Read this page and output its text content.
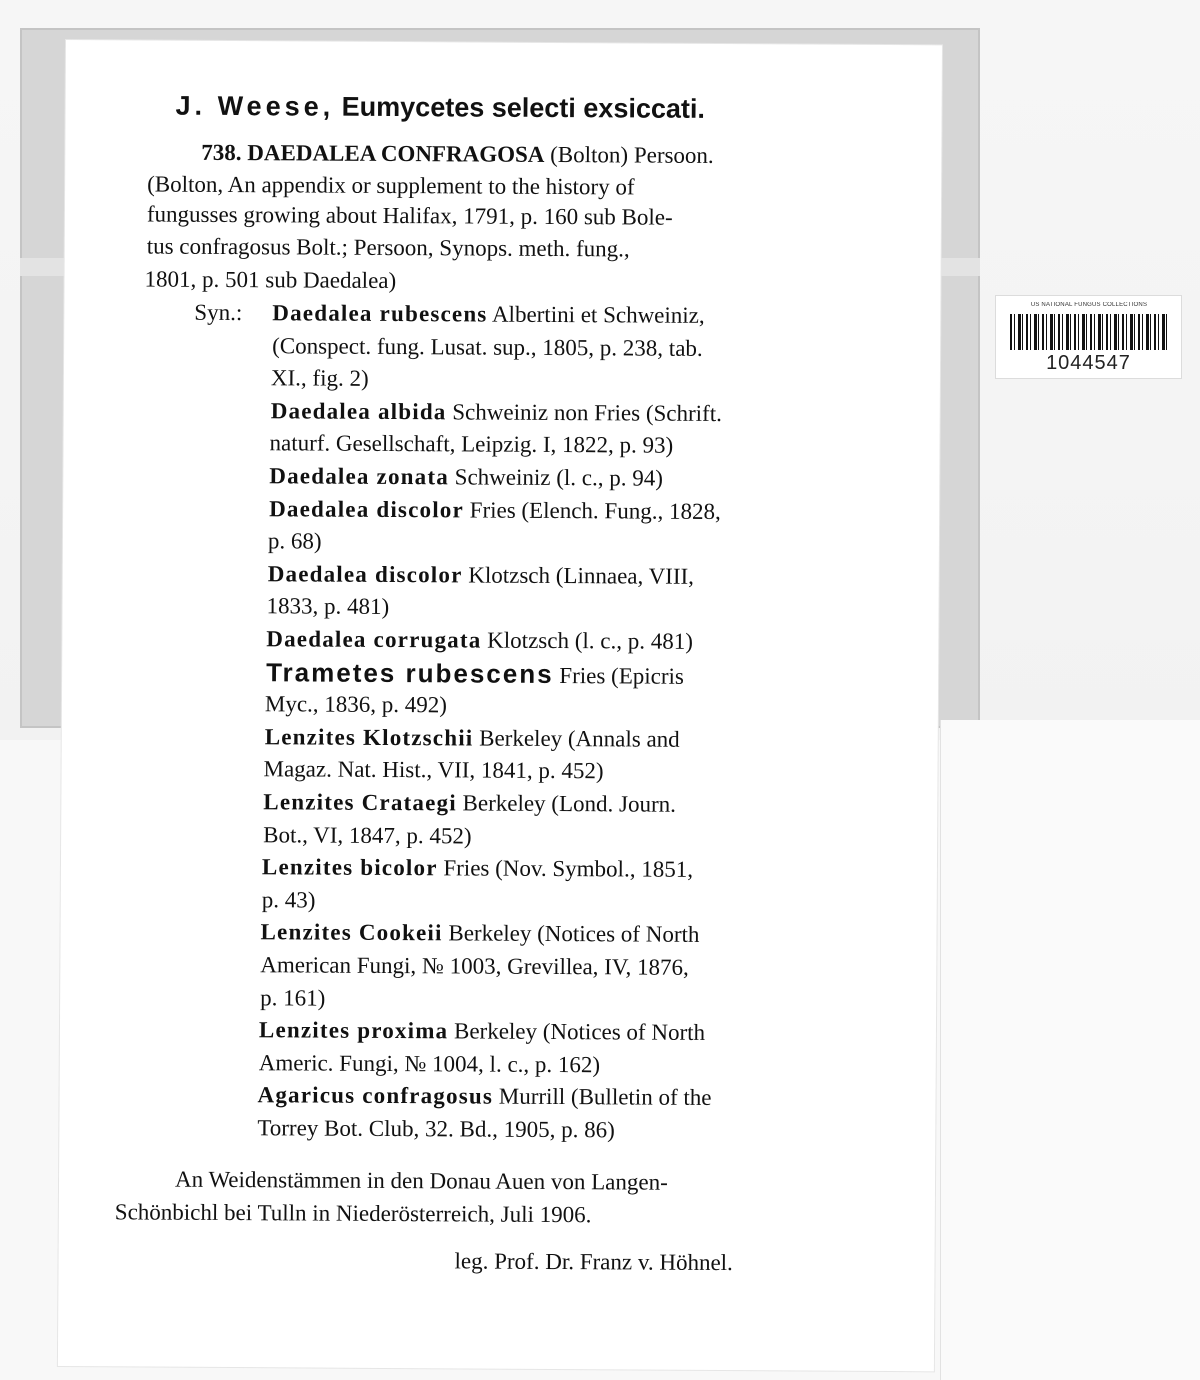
US NATIONAL FUNGUS COLLECTIONS
1044547
J. Weese, Eumycetes selecti exsiccati.
738. DAEDALEA CONFRAGOSA (Bolton) Persoon.
(Bolton, An appendix or supplement to the history of
fungusses growing about Halifax, 1791, p. 160 sub Bole-
tus confragosus Bolt.; Persoon, Synops. meth. fung.,
1801, p. 501 sub Daedalea)
Syn.: Daedalea rubescens Albertini et Schweiniz,
(Conspect. fung. Lusat. sup., 1805, p. 238, tab.
XI., fig. 2)
Daedalea albida Schweiniz non Fries (Schrift.
naturf. Gesellschaft, Leipzig. I, 1822, p. 93)
Daedalea zonata Schweiniz (l. c., p. 94)
Daedalea discolor Fries (Elench. Fung., 1828,
p. 68)
Daedalea discolor Klotzsch (Linnaea, VIII,
1833, p. 481)
Daedalea corrugata Klotzsch (l. c., p. 481)
Trametes rubescens Fries (Epicris
Myc., 1836, p. 492)
Lenzites Klotzschii Berkeley (Annals and
Magaz. Nat. Hist., VII, 1841, p. 452)
Lenzites Crataegi Berkeley (Lond. Journ.
Bot., VI, 1847, p. 452)
Lenzites bicolor Fries (Nov. Symbol., 1851,
p. 43)
Lenzites Cookeii Berkeley (Notices of North
American Fungi, № 1003, Grevillea, IV, 1876,
p. 161)
Lenzites proxima Berkeley (Notices of North
Americ. Fungi, № 1004, l. c., p. 162)
Agaricus confragosus Murrill (Bulletin of the
Torrey Bot. Club, 32. Bd., 1905, p. 86)
An Weidenstämmen in den Donau Auen von Langen-
Schönbichl bei Tulln in Niederösterreich, Juli 1906.
leg. Prof. Dr. Franz v. Höhnel.
